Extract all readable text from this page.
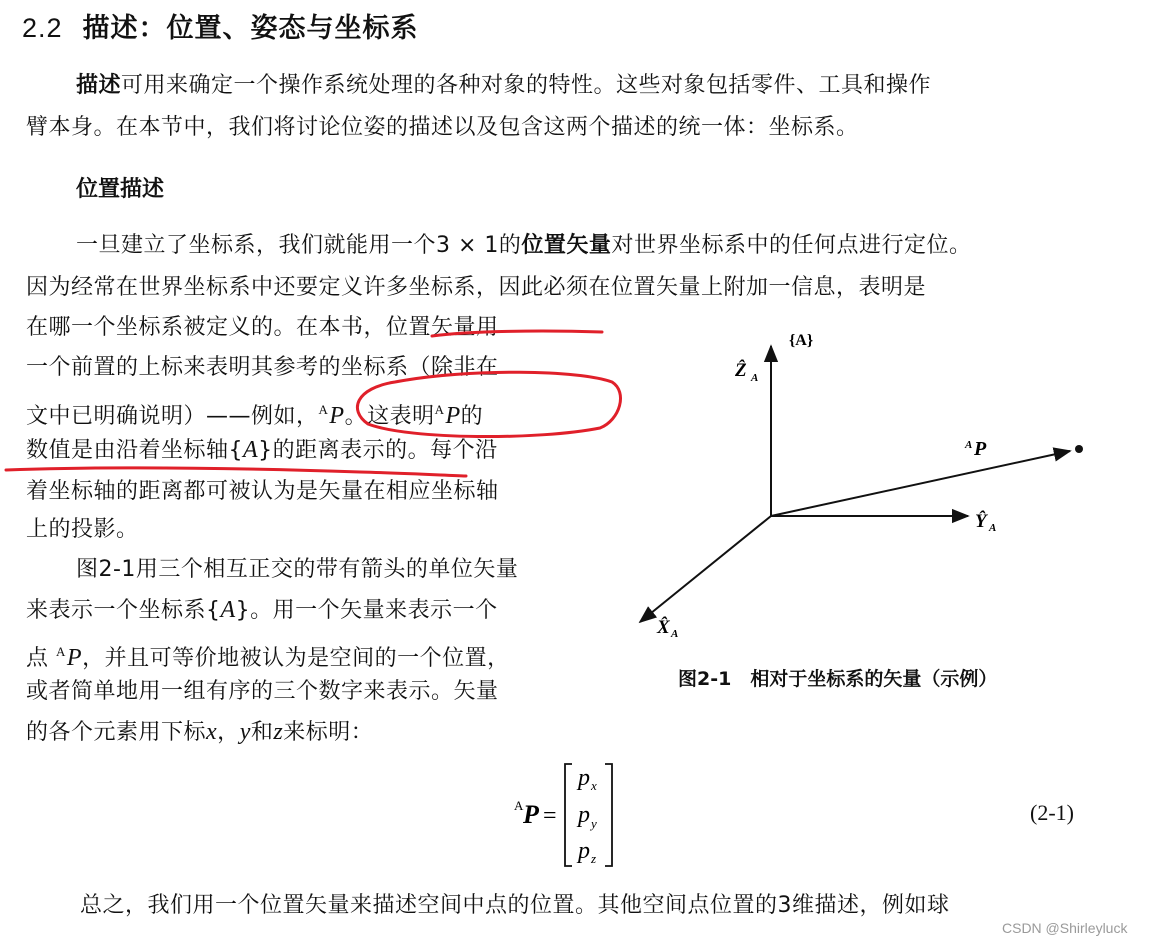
2.2 描述：位置、姿态与坐标系
描述可用来确定一个操作系统处理的各种对象的特性。这些对象包括零件、工具和操作
臂本身。在本节中，我们将讨论位姿的描述以及包含这两个描述的统一体：坐标系。
位置描述
一旦建立了坐标系，我们就能用一个3 × 1的位置矢量对世界坐标系中的任何点进行定位。
因为经常在世界坐标系中还要定义许多坐标系，因此必须在位置矢量上附加一信息，表明是
在哪一个坐标系被定义的。在本书，位置矢量用
一个前置的上标来表明其参考的坐标系（除非在
文中已明确说明）——例如，$^A$P。这表明$^A$P的
数值是由沿着坐标轴{A}的距离表示的。每个沿
着坐标轴的距离都可被认为是矢量在相应坐标轴
上的投影。
图2-1用三个相互正交的带有箭头的单位矢量
来表示一个坐标系{A}。用一个矢量来表示一个
点 $^A$P，并且可等价地被认为是空间的一个位置，
或者简单地用一组有序的三个数字来表示。矢量
的各个元素用下标x，y和z来标明：
{A}
Ẑ A
Ŷ A
X̂ A
A P
A P =
p x
p y
p z
图2-1　相对于坐标系的矢量（示例）
(2-1)
总之，我们用一个位置矢量来描述空间中点的位置。其他空间点位置的3维描述，例如球
CSDN @Shirleyluck
